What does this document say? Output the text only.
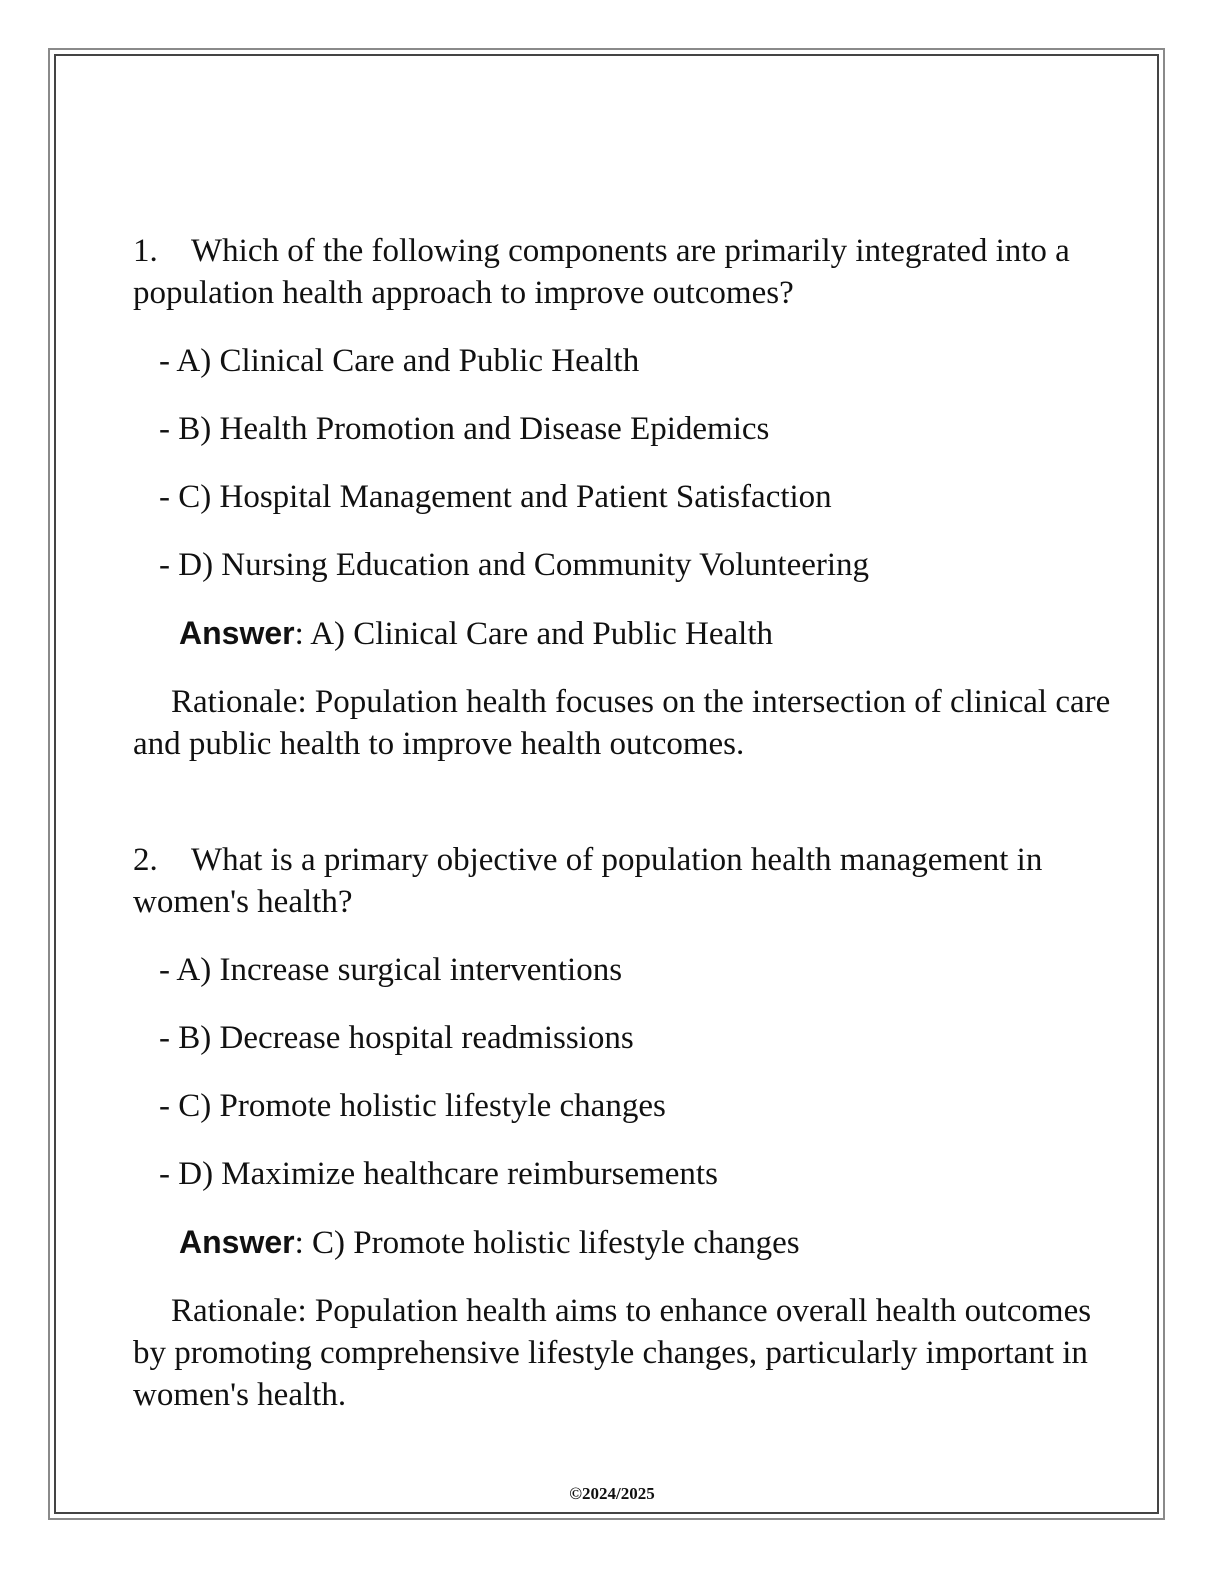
1. Which of the following components are primarily integrated into a population health approach to improve outcomes?

- A) Clinical Care and Public Health

- B) Health Promotion and Disease Epidemics

- C) Hospital Management and Patient Satisfaction

- D) Nursing Education and Community Volunteering

Answer: A) Clinical Care and Public Health

Rationale: Population health focuses on the intersection of clinical care and public health to improve health outcomes.

2. What is a primary objective of population health management in women's health?

- A) Increase surgical interventions

- B) Decrease hospital readmissions

- C) Promote holistic lifestyle changes

- D) Maximize healthcare reimbursements

Answer: C) Promote holistic lifestyle changes

Rationale: Population health aims to enhance overall health outcomes by promoting comprehensive lifestyle changes, particularly important in women's health.

©2024/2025
